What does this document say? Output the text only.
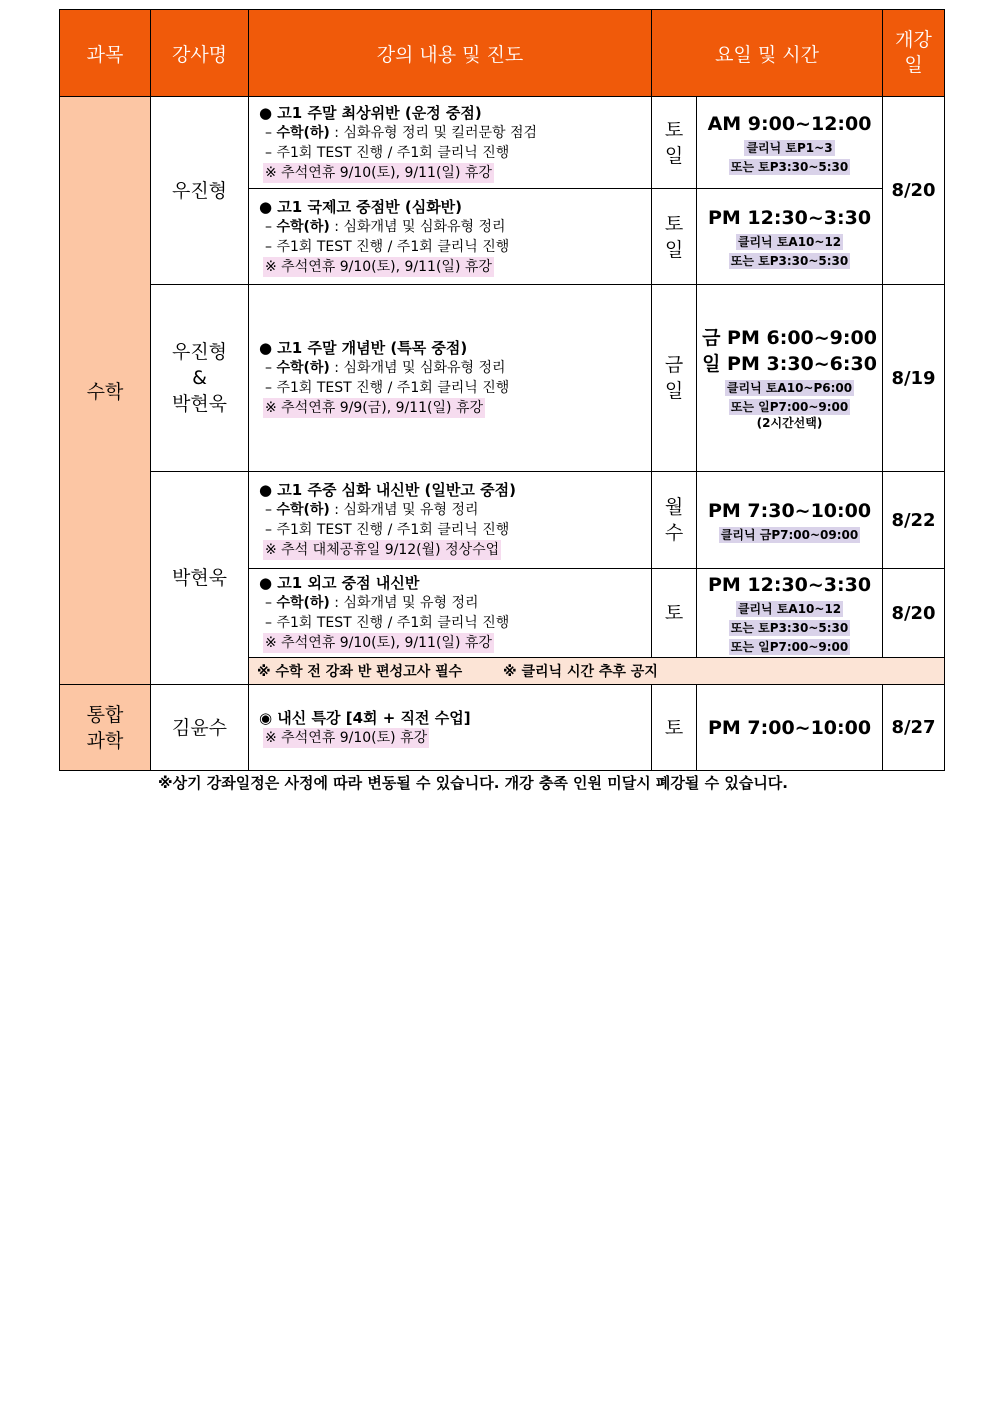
과목	강사명	강의 내용 및 진도	요일 및 시간		개강
일

수학	우진형	● 고1 주말 최상위반 (운정 중점)
– 수학(하) : 심화유형 정리 및 킬러문항 점검
– 주1회 TEST 진행 / 주1회 클리닉 진행
※ 추석연휴 9/10(토), 9/11(일) 휴강	토
일	AM 9:00~12:00
클리닉 토P1~3
또는 토P3:30~5:30	8/20

		● 고1 국제고 중점반 (심화반)
– 수학(하) : 심화개념 및 심화유형 정리
– 주1회 TEST 진행 / 주1회 클리닉 진행
※ 추석연휴 9/10(토), 9/11(일) 휴강	토
일	PM 12:30~3:30
클리닉 토A10~12
또는 토P3:30~5:30	

	우진형
&
박현욱	● 고1 주말 개념반 (특목 중점)
– 수학(하) : 심화개념 및 심화유형 정리
– 주1회 TEST 진행 / 주1회 클리닉 진행
※ 추석연휴 9/9(금), 9/11(일) 휴강	금
일	금 PM 6:00~9:00
일 PM 3:30~6:30
클리닉 토A10~P6:00
또는 일P7:00~9:00
(2시간선택)	8/19
	박현욱	● 고1 주중 심화 내신반 (일반고 중점)
– 수학(하) : 심화개념 및 유형 정리
– 주1회 TEST 진행 / 주1회 클리닉 진행
※ 추석 대체공휴일 9/12(월) 정상수업	월
수	PM 7:30~10:00
클리닉 금P7:00~09:00	8/22

		● 고1 외고 중점 내신반
– 수학(하) : 심화개념 및 유형 정리
– 주1회 TEST 진행 / 주1회 클리닉 진행
※ 추석연휴 9/10(토), 9/11(일) 휴강	토	PM 12:30~3:30
클리닉 토A10~12
또는 토P3:30~5:30
또는 일P7:00~9:00	8/20
		※ 수학 전 강좌 반 편성고사 필수 ※ 클리닉 시간 추후 공지			

통합
과학	김윤수	◉ 내신 특강 [4회 + 직전 수업]
※ 추석연휴 9/10(토) 휴강	토	PM 7:00~10:00	8/27
※상기 강좌일정은 사정에 따라 변동될 수 있습니다. 개강 충족 인원 미달시 폐강될 수 있습니다.
